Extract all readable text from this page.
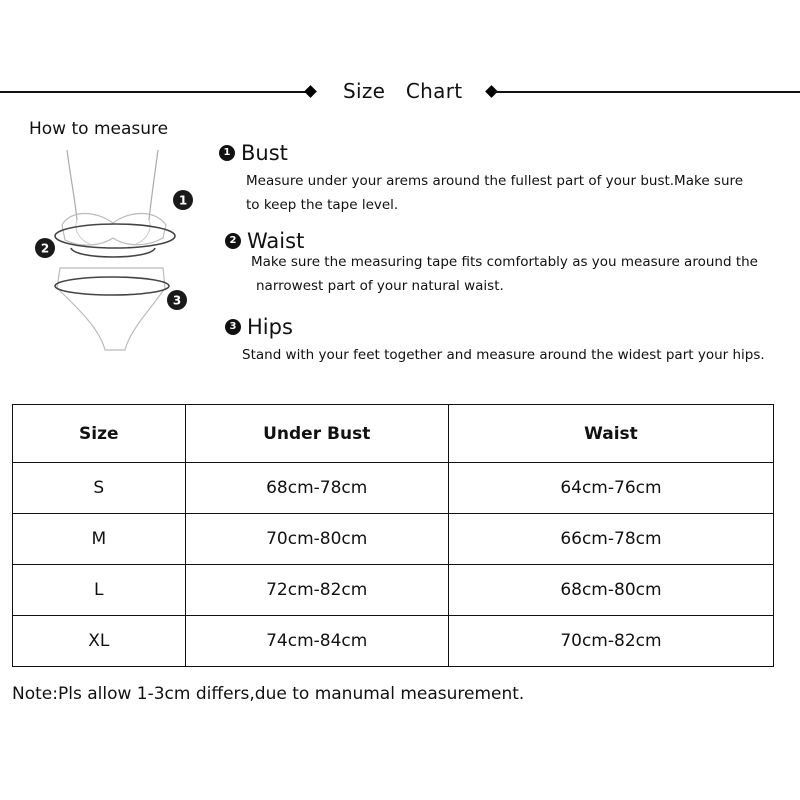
Size Chart
How to measure
1
2
3
1 Bust
Measure under your arems around the fullest part of your bust.Make sure
to keep the tape level.
2 Waist
Make sure the measuring tape fits comfortably as you measure around the
narrowest part of your natural waist.
3 Hips
Stand with your feet together and measure around the widest part your hips.
Size	Under Bust	Waist
S	68cm-78cm	64cm-76cm
M	70cm-80cm	66cm-78cm
L	72cm-82cm	68cm-80cm
XL	74cm-84cm	70cm-82cm
Note:Pls allow 1-3cm differs,due to manumal measurement.
